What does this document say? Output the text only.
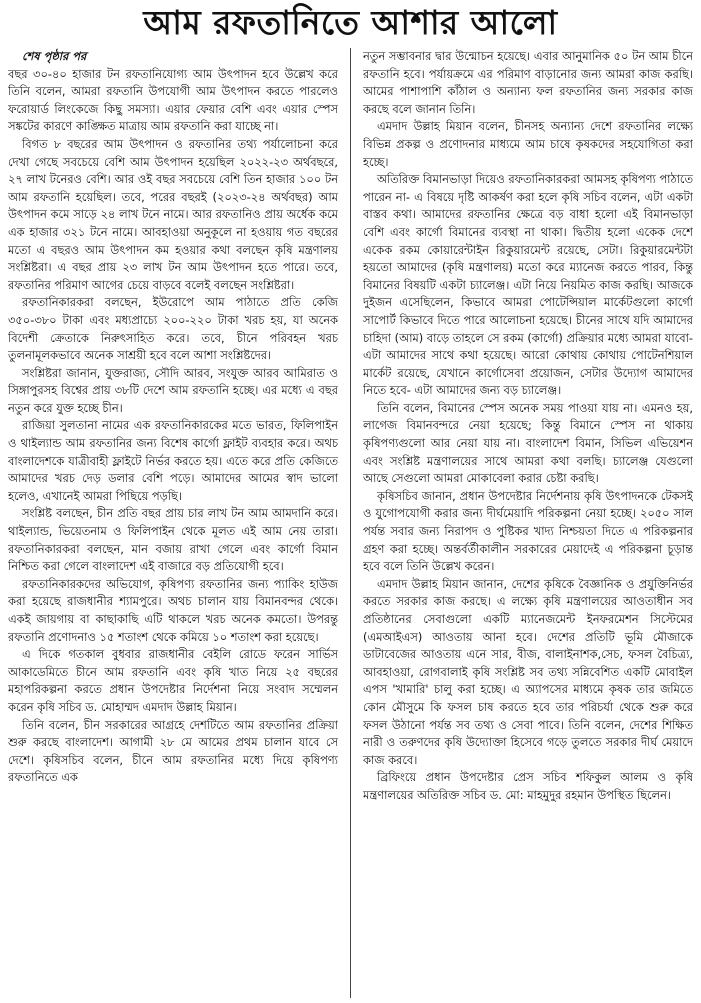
আম রফতানিতে আশার আলো

শেষ পৃষ্ঠার পর

বছর ৩০-৪০ হাজার টন রফতানিযোগ্য আম উৎপাদন হবে উল্লেখ করে তিনি বলেন, আমরা রফতানি উপযোগী আম উৎপাদন করতে পারলেও ফরোয়ার্ড লিংকেজে কিছু সমস্যা। এয়ার ফেয়ার বেশি এবং এয়ার স্পেস সঙ্কটের কারণে কাঙ্ক্ষিত মাত্রায় আম রফতানি করা যাচ্ছে না।

বিগত ৮ বছরের আম উৎপাদন ও রফতানির তথ্য পর্যালোচনা করে দেখা গেছে সবচেয়ে বেশি আম উৎপাদন হয়েছিল ২০২২-২৩ অর্থবছরে, ২৭ লাখ টনেরও বেশি। আর ওই বছর সবচেয়ে বেশি তিন হাজার ১০০ টন আম রফতানি হয়েছিল। তবে, পরের বছরই (২০২৩-২৪ অর্থবছর) আম উৎপাদন কমে সাড়ে ২৪ লাখ টনে নামে। আর রফতানিও প্রায় অর্ধেক কমে এক হাজার ৩২১ টনে নামে। আবহাওয়া অনুকূলে না হওয়ায় গত বছরের মতো এ বছরও আম উৎপাদন কম হওয়ার কথা বলছেন কৃষি মন্ত্রণালয় সংশ্লিষ্টরা। এ বছর প্রায় ২৩ লাখ টন আম উৎপাদন হতে পারে। তবে, রফতানির পরিমাণ আগের চেয়ে বাড়বে বলেই বলছেন সংশ্লিষ্টরা।

রফতানিকারকরা বলছেন, ইউরোপে আম পাঠাতে প্রতি কেজি ৩৫০-৩৮০ টাকা এবং মধ্যপ্রাচ্যে ২০০-২২০ টাকা খরচ হয়, যা অনেক বিদেশী ক্রেতাকে নিরুৎসাহিত করে। তবে, চীনে পরিবহন খরচ তুলনামূলকভাবে অনেক সাশ্রয়ী হবে বলে আশা সংশ্লিষ্টদের।

সংশ্লিষ্টরা জানান, যুক্তরাজ্য, সৌদি আরব, সংযুক্ত আরব আমিরাত ও সিঙ্গাপুরসহ বিশ্বের প্রায় ৩৮টি দেশে আম রফতানি হচ্ছে। এর মধ্যে এ বছর নতুন করে যুক্ত হচ্ছে চীন।

রাজিয়া সুলতানা নামের এক রফতানিকারকের মতে ভারত, ফিলিপাইন ও থাইল্যান্ড আম রফতানির জন্য বিশেষ কার্গো ফ্লাইট ব্যবহার করে। অথচ বাংলাদেশকে যাত্রীবাহী ফ্লাইটে নির্ভর করতে হয়। এতে করে প্রতি কেজিতে আমাদের খরচ দেড় ডলার বেশি পড়ে। আমাদের আমের স্বাদ ভালো হলেও, এখানেই আমরা পিছিয়ে পড়ছি।

সংশ্লিষ্ট বলছেন, চীন প্রতি বছর প্রায় চার লাখ টন আম আমদানি করে। থাইল্যান্ড, ভিয়েতনাম ও ফিলিপাইন থেকে মূলত এই আম নেয় তারা। রফতানিকারকরা বলছেন, মান বজায় রাখা গেলে এবং কার্গো বিমান নিশ্চিত করা গেলে বাংলাদেশ এই বাজারে বড় প্রতিযোগী হবে।

রফতানিকারকদের অভিযোগ, কৃষিপণ্য রফতানির জন্য প্যাকিং হাউজ করা হয়েছে রাজধানীর শ্যামপুরে। অথচ চালান যায় বিমানবন্দর থেকে। একই জায়গায় বা কাছাকাছি এটি থাকলে খরচ অনেক কমতো। উপরন্তু রফতানি প্রণোদনাও ১৫ শতাংশ থেকে কমিয়ে ১০ শতাংশ করা হয়েছে।

এ দিকে গতকাল বুধবার রাজধানীর বেইলি রোডে ফরেন সার্ভিস আকাডেমিতে চীনে আম রফতানি এবং কৃষি খাত নিয়ে ২৫ বছরের মহাপরিকল্পনা করতে প্রধান উপদেষ্টার নির্দেশনা নিয়ে সংবাদ সম্মেলন করেন কৃষি সচিব ড. মোহাম্মদ এমদাদ উল্লাহ মিয়ান।

তিনি বলেন, চীন সরকারের আগ্রহে দেশটিতে আম রফতানির প্রক্রিয়া শুরু করছে বাংলাদেশ। আগামী ২৮ মে আমের প্রথম চালান যাবে সে দেশে। কৃষিসচিব বলেন, চীনে আম রফতানির মধ্যে দিয়ে কৃষিপণ্য রফতানিতে এক

নতুন সম্ভাবনার দ্বার উন্মোচন হয়েছে। এবার আনুমানিক ৫০ টন আম চীনে রফতানি হবে। পর্যায়ক্রমে এর পরিমাণ বাড়ানোর জন্য আমরা কাজ করছি। আমের পাশাপাশি কাঁঠাল ও অন্যান্য ফল রফতানির জন্য সরকার কাজ করছে বলে জানান তিনি।

এমদাদ উল্লাহ মিয়ান বলেন, চীনসহ অন্যান্য দেশে রফতানির লক্ষ্যে বিভিন্ন প্রকল্প ও প্রণোদনার মাধ্যমে আম চাষে কৃষকদের সহযোগিতা করা হচ্ছে।

অতিরিক্ত বিমানভাড়া দিয়েও রফতানিকারকরা আমসহ কৃষিপণ্য পাঠাতে পারেন না- এ বিষয়ে দৃষ্টি আকর্ষণ করা হলে কৃষি সচিব বলেন, এটা একটা বাস্তব কথা। আমাদের রফতানির ক্ষেত্রে বড় বাধা হলো এই বিমানভাড়া বেশি এবং কার্গো বিমানের ব্যবস্থা না থাকা। দ্বিতীয় হলো একেক দেশে একেক রকম কোয়ারেন্টাইন রিকুয়ারমেন্ট রয়েছে, সেটা। রিকুয়ারমেন্টটা হয়তো আমাদের (কৃষি মন্ত্রণালয়) মতো করে ম্যানেজ করতে পারব, কিন্তু বিমানের বিষয়টি একটা চ্যালেঞ্জ। এটা নিয়ে নিয়মিত কাজ করছি। আজকে দুইজন এসেছিলেন, কিভাবে আমরা পোটেন্সিয়াল মার্কেটগুলো কার্গো সাপোর্ট কিভাবে দিতে পারে আলোচনা হয়েছে। চীনের সাথে যদি আমাদের চাহিদা (আম) বাড়ে তাহলে সে রকম (কার্গো) প্রক্রিয়ার মধ্যে আমরা যাবো- এটা আমাদের সাথে কথা হয়েছে। আরো কোথায় কোথায় পোটেনশিয়াল মার্কেট রয়েছে, যেখানে কার্গোসেবা প্রয়োজন, সেটার উদ্যোগ আমাদের নিতে হবে- এটা আমাদের জন্য বড় চ্যালেঞ্জ।

তিনি বলেন, বিমানের স্পেস অনেক সময় পাওয়া যায় না। এমনও হয়, লাগেজ বিমানবন্দরে নেয়া হয়েছে; কিন্তু বিমানে স্পেস না থাকায় কৃষিপণ্যগুলো আর নেয়া যায় না। বাংলাদেশ বিমান, সিভিল এভিয়েশন এবং সংশ্লিষ্ট মন্ত্রণালয়ের সাথে আমরা কথা বলছি। চ্যালেঞ্জ যেগুলো আছে সেগুলো আমরা মোকাবেলা করার চেষ্টা করছি।

কৃষিসচিব জানান, প্রধান উপদেষ্টার নির্দেশনায় কৃষি উৎপাদনকে টেকসই ও যুগোপযোগী করার জন্য দীর্ঘমেয়াদি পরিকল্পনা নেয়া হচ্ছে। ২০৫০ সাল পর্যন্ত সবার জন্য নিরাপদ ও পুষ্টিকর খাদ্য নিশ্চয়তা দিতে এ পরিকল্পনার গ্রহণ করা হচ্ছে। অন্তর্বর্তীকালীন সরকারের মেয়াদেই এ পরিকল্পনা চূড়ান্ত হবে বলে তিনি উল্লেখ করেন।

এমদাদ উল্লাহ মিয়ান জানান, দেশের কৃষিকে বৈজ্ঞানিক ও প্রযুক্তিনির্ভর করতে সরকার কাজ করছে। এ লক্ষ্যে কৃষি মন্ত্রণালয়ের আওতাধীন সব প্রতিষ্ঠানের সেবাগুলো একটি ম্যানেজমেন্ট ইনফরমেশন সিস্টেমের (এমআইএস) আওতায় আনা হবে। দেশের প্রতিটি ভূমি মৌজাকে ডাটাবেজের আওতায় এনে সার, বীজ, বালাইনাশক,সেচ, ফসল বৈচিত্র্য, আবহাওয়া, রোগবালাই কৃষি সংশ্লিষ্ট সব তথ্য সন্নিবেশিত একটি মোবাইল এপস 'খামারি' চালু করা হচ্ছে। এ অ্যাপসের মাধ্যমে কৃষক তার জমিতে কোন মৌসুমে কি ফসল চাষ করতে হবে তার পরিচর্যা থেকে শুরু করে ফসল উঠানো পর্যন্ত সব তথ্য ও সেবা পাবে। তিনি বলেন, দেশের শিক্ষিত নারী ও তরুণদের কৃষি উদ্যোক্তা হিসেবে গড়ে তুলতে সরকার দীর্ঘ মেয়াদে কাজ করবে।

ব্রিফিংয়ে প্রধান উপদেষ্টার প্রেস সচিব শফিকুল আলম ও কৃষি মন্ত্রণালয়ের অতিরিক্ত সচিব ড. মো: মাহমুদুর রহমান উপস্থিত ছিলেন।
